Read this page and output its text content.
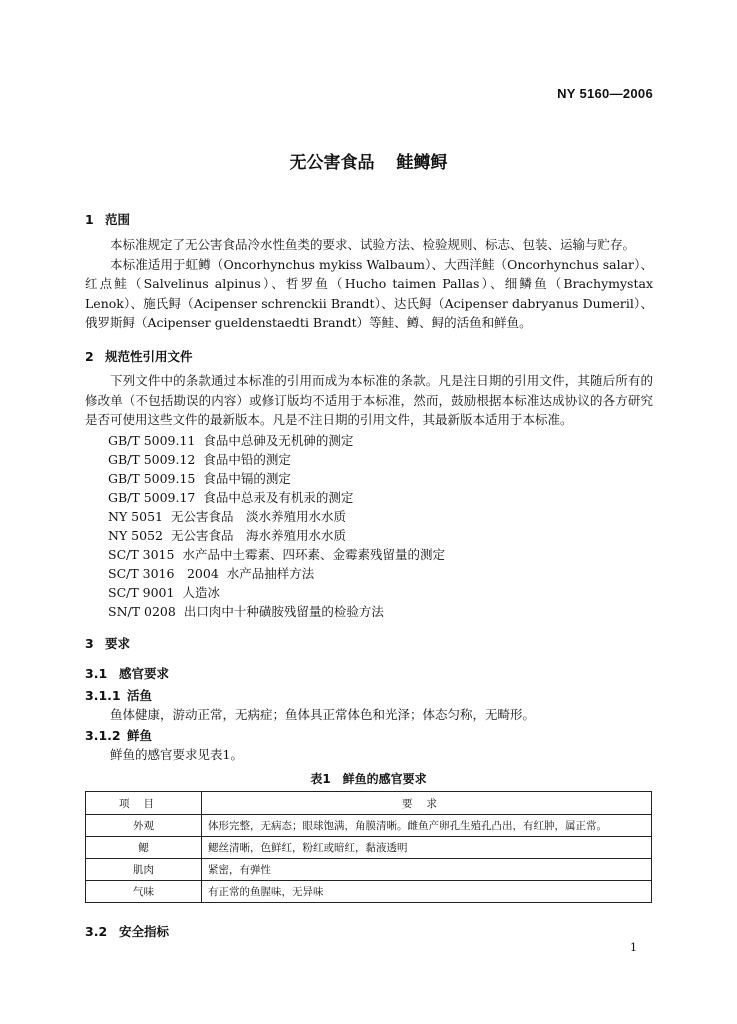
NY 5160—2006
无公害食品 鲑鳟鲟
1 范围

本标准规定了无公害食品冷水性鱼类的要求、试验方法、检验规则、标志、包装、运输与贮存。

本标准适用于虹鳟（Oncorhynchus mykiss Walbaum）、大西洋鲑（Oncorhynchus salar）、红点鲑（Salvelinus alpinus）、哲罗鱼（Hucho taimen Pallas）、细鳞鱼（Brachymystax Lenok）、施氏鲟（Acipenser schrenckii Brandt）、达氏鲟（Acipenser dabryanus Dumeril）、俄罗斯鲟（Acipenser gueldenstaedti Brandt）等鲑、鳟、鲟的活鱼和鲜鱼。

2 规范性引用文件

下列文件中的条款通过本标准的引用而成为本标准的条款。凡是注日期的引用文件，其随后所有的修改单（不包括勘误的内容）或修订版均不适用于本标准，然而，鼓励根据本标准达成协议的各方研究是否可使用这些文件的最新版本。凡是不注日期的引用文件，其最新版本适用于本标准。

GB/T 5009.11 食品中总砷及无机砷的测定
GB/T 5009.12 食品中铅的测定
GB/T 5009.15 食品中镉的测定
GB/T 5009.17 食品中总汞及有机汞的测定
NY 5051 无公害食品　淡水养殖用水水质
NY 5052 无公害食品　海水养殖用水水质
SC/T 3015 水产品中土霉素、四环素、金霉素残留量的测定
SC/T 3016　2004 水产品抽样方法
SC/T 9001 人造冰
SN/T 0208 出口肉中十种磺胺残留量的检验方法
3 要求
3.1 感官要求
3.1.1 活鱼

鱼体健康，游动正常，无病症；鱼体具正常体色和光泽；体态匀称，无畸形。

3.1.2 鲜鱼

鲜鱼的感官要求见表1。

表1　鲜鱼的感官要求
项目	要求
外观	体形完整，无病态；眼球饱满，角膜清晰。雌鱼产卵孔生殖孔凸出，有红肿，属正常。
鳃	鳃丝清晰，色鲜红，粉红或暗红，黏液透明
肌肉	紧密，有弹性
气味	有正常的鱼腥味，无异味
3.2 安全指标
1
